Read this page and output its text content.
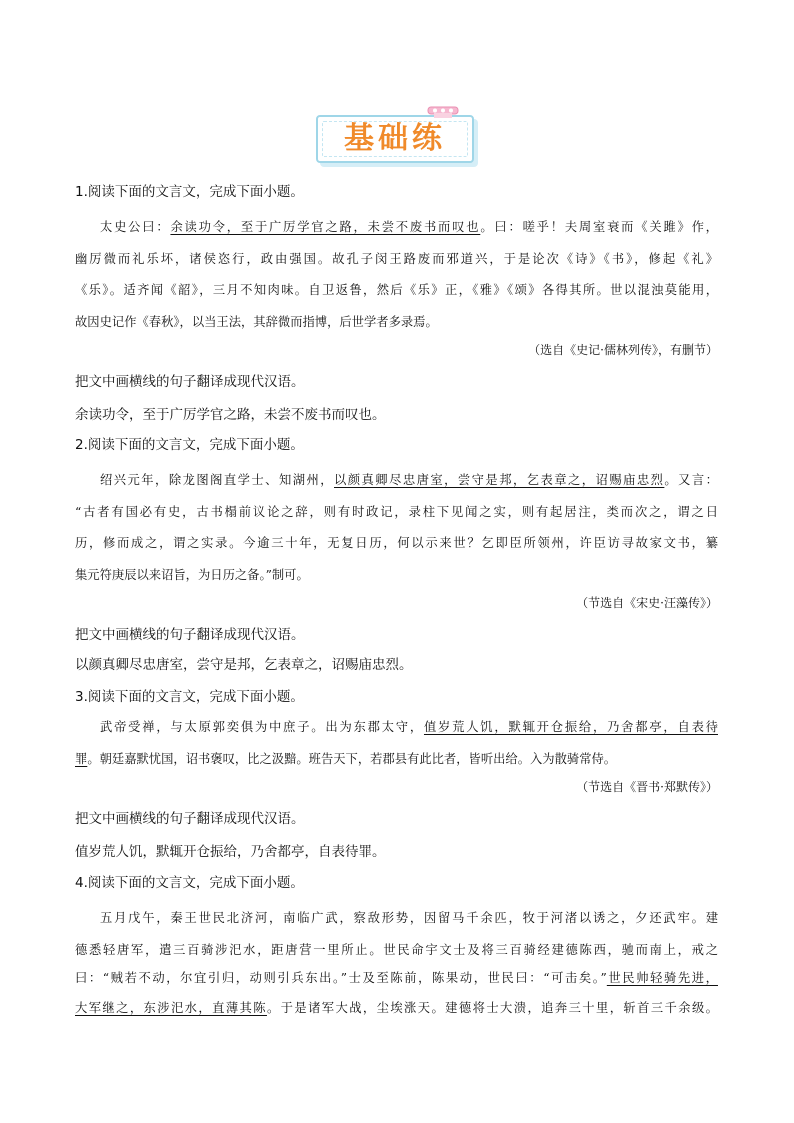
基础练
1.阅读下面的文言文，完成下面小题。
太史公曰：余读功令，至于广厉学官之路，未尝不废书而叹也。曰：嗟乎！夫周室衰而《关雎》作，
幽厉微而礼乐坏，诸侯恣行，政由强国。故孔子闵王路废而邪道兴，于是论次《诗》《书》，修起《礼》
《乐》。适齐闻《韶》，三月不知肉味。自卫返鲁，然后《乐》正，《雅》《颂》各得其所。世以混浊莫能用，
故因史记作《春秋》，以当王法，其辞微而指博，后世学者多录焉。
（选自《史记·儒林列传》，有删节）
把文中画横线的句子翻译成现代汉语。
余读功令，至于广厉学官之路，未尝不废书而叹也。
2.阅读下面的文言文，完成下面小题。
绍兴元年，除龙图阁直学士、知湖州，以颜真卿尽忠唐室，尝守是邦，乞表章之，诏赐庙忠烈。又言：
“古者有国必有史，古书榻前议论之辞，则有时政记，录柱下见闻之实，则有起居注，类而次之，谓之日
历，修而成之，谓之实录。今逾三十年，无复日历，何以示来世？乞即臣所领州，许臣访寻故家文书，纂
集元符庚辰以来诏旨，为日历之备。”制可。
（节选自《宋史·汪藻传》）
把文中画横线的句子翻译成现代汉语。
以颜真卿尽忠唐室，尝守是邦，乞表章之，诏赐庙忠烈。
3.阅读下面的文言文，完成下面小题。
武帝受禅，与太原郭奕俱为中庶子。出为东郡太守，值岁荒人饥，默辄开仓振给，乃舍都亭，自表待
罪。朝廷嘉默忧国，诏书褒叹，比之汲黯。班告天下，若郡县有此比者，皆听出给。入为散骑常侍。
（节选自《晋书·郑默传》）
把文中画横线的句子翻译成现代汉语。
值岁荒人饥，默辄开仓振给，乃舍都亭，自表待罪。
4.阅读下面的文言文，完成下面小题。
五月戊午，秦王世民北济河，南临广武，察敌形势，因留马千余匹，牧于河渚以诱之，夕还武牢。建
德悉轻唐军，遣三百骑涉汜水，距唐营一里所止。世民命宇文士及将三百骑经建德陈西，驰而南上，戒之
曰：“贼若不动，尔宜引归，动则引兵东出。”士及至陈前，陈果动，世民曰：“可击矣。”世民帅轻骑先进，
大军继之，东涉汜水，直薄其陈。于是诸军大战，尘埃涨天。建德将士大溃，追奔三十里，斩首三千余级。
